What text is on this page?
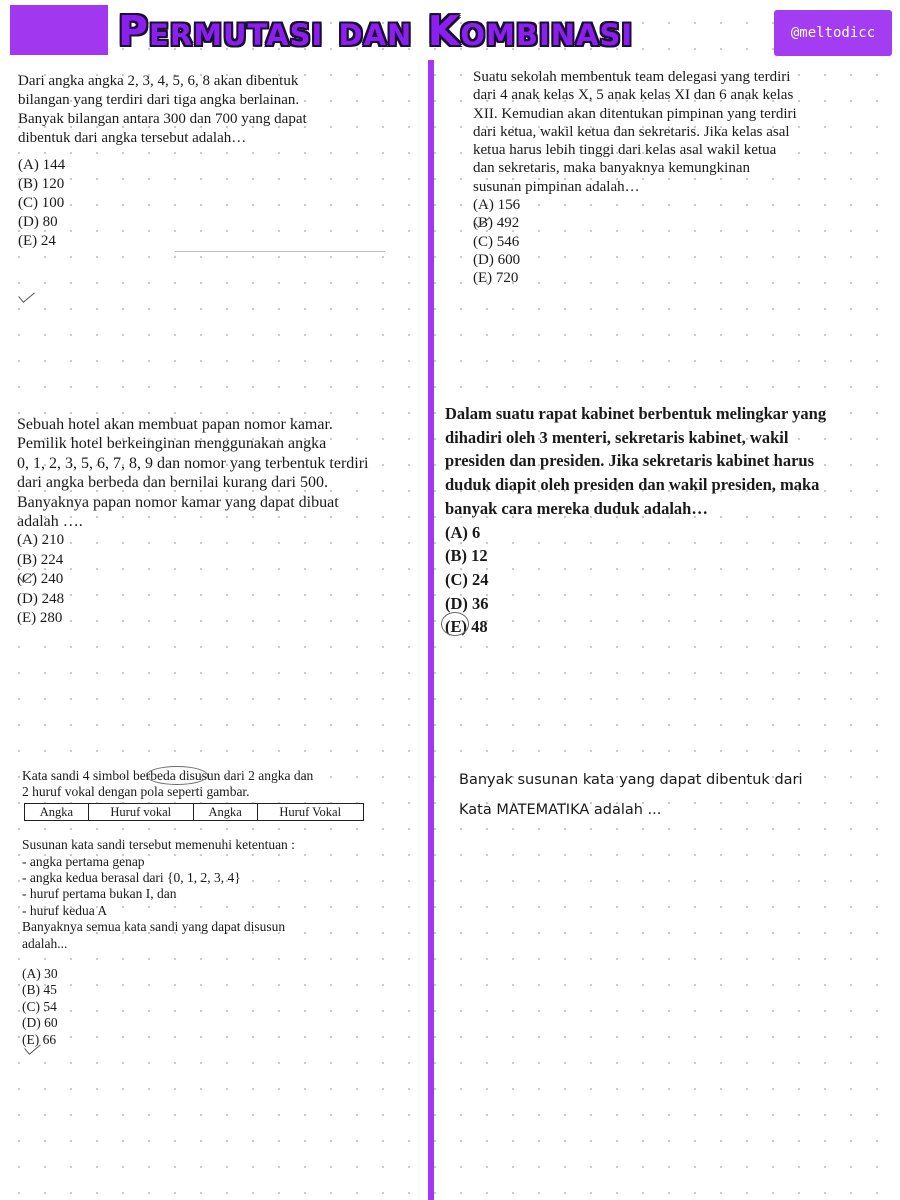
Permutasi dan Kombinasi	@meltodicc

Dari angka angka 2, 3, 4, 5, 6, 8 akan dibentuk
bilangan yang terdiri dari tiga angka berlainan.
Banyak bilangan antara 300 dan 700 yang dapat
dibentuk dari angka tersebut adalah…

(A) 144
(B) 120
(C) 100
(D) 80
(E) 24

Suatu sekolah membentuk team delegasi yang terdiri
dari 4 anak kelas X, 5 anak kelas XI dan 6 anak kelas
XII. Kemudian akan ditentukan pimpinan yang terdiri
dari ketua, wakil ketua dan sekretaris. Jika kelas asal
ketua harus lebih tinggi dari kelas asal wakil ketua
dan sekretaris, maka banyaknya kemungkinan
susunan pimpinan adalah…

(A) 156
(B) 492
(C) 546
(D) 600
(E) 720

Sebuah hotel akan membuat papan nomor kamar.
Pemilik hotel berkeinginan menggunakan angka
0, 1, 2, 3, 5, 6, 7, 8, 9 dan nomor yang terbentuk terdiri
dari angka berbeda dan bernilai kurang dari 500.
Banyaknya papan nomor kamar yang dapat dibuat
adalah ….

(A) 210
(B) 224
(C) 240
(D) 248
(E) 280

Dalam suatu rapat kabinet berbentuk melingkar yang
dihadiri oleh 3 menteri, sekretaris kabinet, wakil
presiden dan presiden. Jika sekretaris kabinet harus
duduk diapit oleh presiden dan wakil presiden, maka
banyak cara mereka duduk adalah…

(A) 6
(B) 12
(C) 24
(D) 36
(E) 48

Kata sandi 4 simbol berbeda disusun dari 2 angka dan
2 huruf vokal dengan pola seperti gambar.

Angka	Huruf vokal	Angka	Huruf Vokal

Susunan kata sandi tersebut memenuhi ketentuan :
- angka pertama genap
- angka kedua berasal dari {0, 1, 2, 3, 4}
- huruf pertama bukan I, dan
- huruf kedua A
Banyaknya semua kata sandi yang dapat disusun
adalah...

(A) 30
(B) 45
(C) 54
(D) 60
(E) 66

Banyak susunan kata yang dapat dibentuk dari

Kata MATEMATIKA adalah ...
